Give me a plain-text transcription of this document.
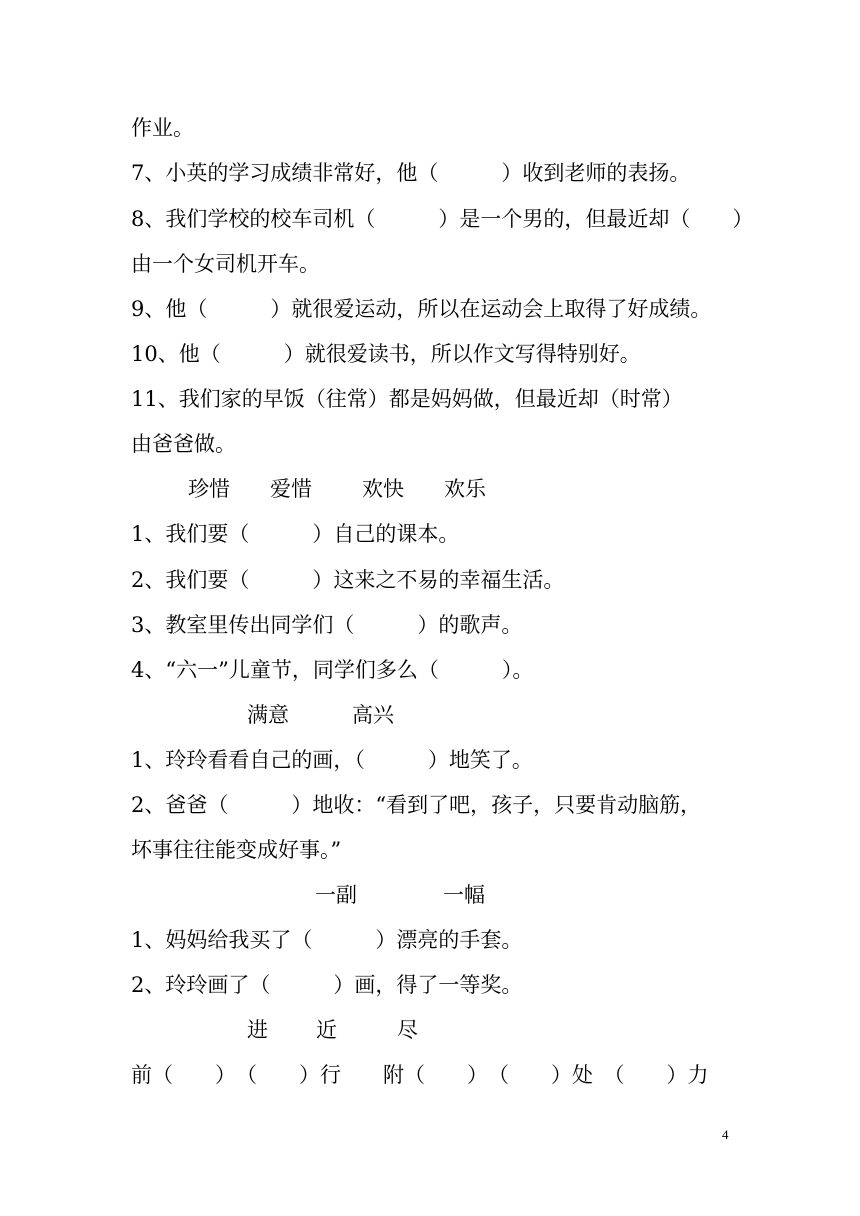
作业。
7、小英的学习成绩非常好，他（　　　）收到老师的表扬。
8、我们学校的校车司机（　　　）是一个男的，但最近却（　　）
由一个女司机开车。
9、他（　　　）就很爱运动，所以在运动会上取得了好成绩。
10、他（　　　）就很爱读书，所以作文写得特别好。
11、我们家的早饭（往常）都是妈妈做，但最近却（时常）
由爸爸做。
珍惜 爱惜 欢快 欢乐
1、我们要（　　　）自己的课本。
2、我们要（　　　）这来之不易的幸福生活。
3、教室里传出同学们（　　　）的歌声。
4、“六一”儿童节，同学们多么（　　　）。
满意	高兴
1、玲玲看看自己的画，（　　　）地笑了。
2、爸爸（　　　）地收：“看到了吧，孩子，只要肯动脑筋，
坏事往往能变成好事。”
一副	一幅
1、妈妈给我买了（　　　）漂亮的手套。
2、玲玲画了（　　　）画，得了一等奖。
进 近	尽
前（　　）　（　　）行　　附（　　）　（　　）处　（　　）力
4
